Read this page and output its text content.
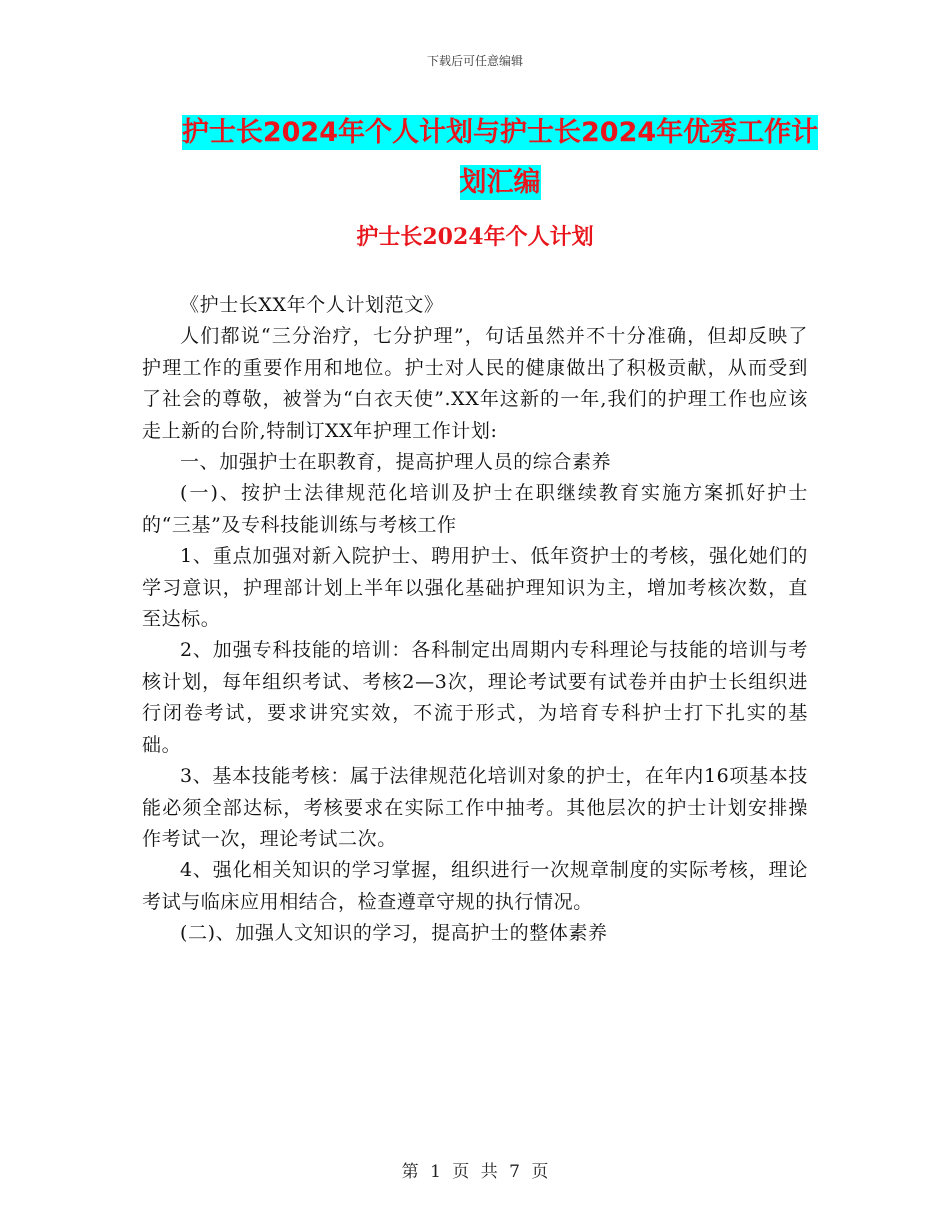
下载后可任意编辑
护士长2024年个人计划与护士长2024年优秀工作计
划汇编
护士长2024年个人计划

《护士长XX年个人计划范文》

人们都说“三分治疗，七分护理”，句话虽然并不十分准确，但却反映了护理工作的重要作用和地位。护士对人民的健康做出了积极贡献，从而受到了社会的尊敬，被誉为“白衣天使”.XX年这新的一年,我们的护理工作也应该走上新的台阶,特制订XX年护理工作计划:

一、加强护士在职教育，提高护理人员的综合素养

(一)、按护士法律规范化培训及护士在职继续教育实施方案抓好护士的“三基”及专科技能训练与考核工作

1、重点加强对新入院护士、聘用护士、低年资护士的考核，强化她们的学习意识，护理部计划上半年以强化基础护理知识为主，增加考核次数，直至达标。

2、加强专科技能的培训：各科制定出周期内专科理论与技能的培训与考核计划，每年组织考试、考核2—3次，理论考试要有试卷并由护士长组织进行闭卷考试，要求讲究实效，不流于形式，为培育专科护士打下扎实的基础。

3、基本技能考核：属于法律规范化培训对象的护士，在年内16项基本技能必须全部达标，考核要求在实际工作中抽考。其他层次的护士计划安排操作考试一次，理论考试二次。

4、强化相关知识的学习掌握，组织进行一次规章制度的实际考核，理论考试与临床应用相结合，检查遵章守规的执行情况。

(二)、加强人文知识的学习，提高护士的整体素养

第 1 页 共 7 页
